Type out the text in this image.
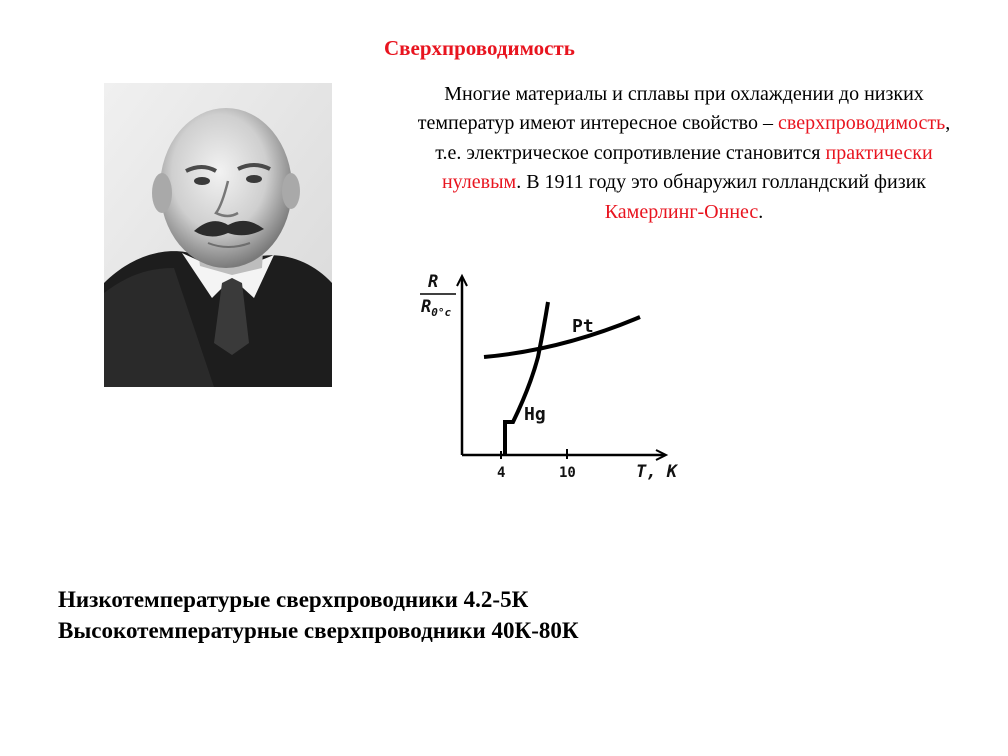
Сверхпроводимость
Многие материалы и сплавы при охлаждении до низких температур имеют интересное свойство – сверхпроводимость, т.е. электрическое сопротивление становится практически нулевым. В 1911 году это обнаружил голландский физик Камерлинг-Оннес.
R
$R_{0^\circ c}$
Pt
Hg
4	10	T, K
Низкотемпературые сверхпроводники 4.2-5К
Высокотемпературные сверхпроводники 40К-80К
